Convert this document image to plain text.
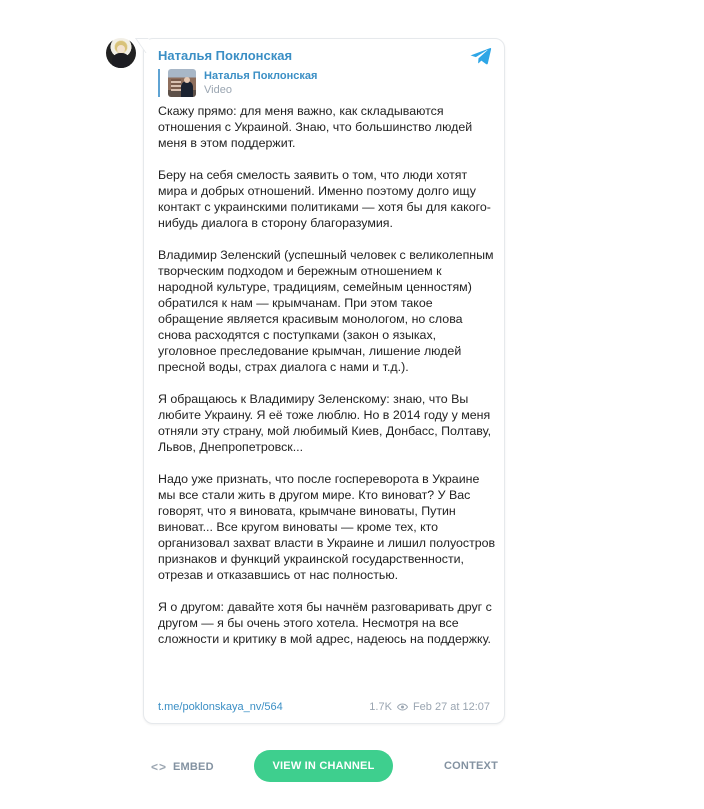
Наталья Поклонская
Наталья Поклонская
Video

Скажу прямо: для меня важно, как складываются отношения с Украиной. Знаю, что большинство людей меня в этом поддержит.

Беру на себя смелость заявить о том, что люди хотят мира и добрых отношений. Именно поэтому долго ищу контакт с украинскими политиками — хотя бы для какого-нибудь диалога в сторону благоразумия.

Владимир Зеленский (успешный человек с великолепным творческим подходом и бережным отношением к народной культуре, традициям, семейным ценностям) обратился к нам — крымчанам. При этом такое обращение является красивым монологом, но слова снова расходятся с поступками (закон о языках, уголовное преследование крымчан, лишение людей пресной воды, страх диалога с нами и т.д.).

Я обращаюсь к Владимиру Зеленскому: знаю, что Вы любите Украину. Я её тоже люблю. Но в 2014 году у меня отняли эту страну, мой любимый Киев, Донбасс, Полтаву, Львов, Днепропетровск...

Надо уже признать, что после госпереворота в Украине мы все стали жить в другом мире. Кто виноват? У Вас говорят, что я виновата, крымчане виноваты, Путин виноват... Все кругом виноваты — кроме тех, кто организовал захват власти в Украине и лишил полуостров признаков и функций украинской государственности, отрезав и отказавшись от нас полностью.

Я о другом: давайте хотя бы начнём разговаривать друг с другом — я бы очень этого хотела. Несмотря на все сложности и критику в мой адрес, надеюсь на поддержку.

t.me/poklonskaya_nv/564	1.7K Feb 27 at 12:07
<> EMBED	VIEW IN CHANNEL	CONTEXT
